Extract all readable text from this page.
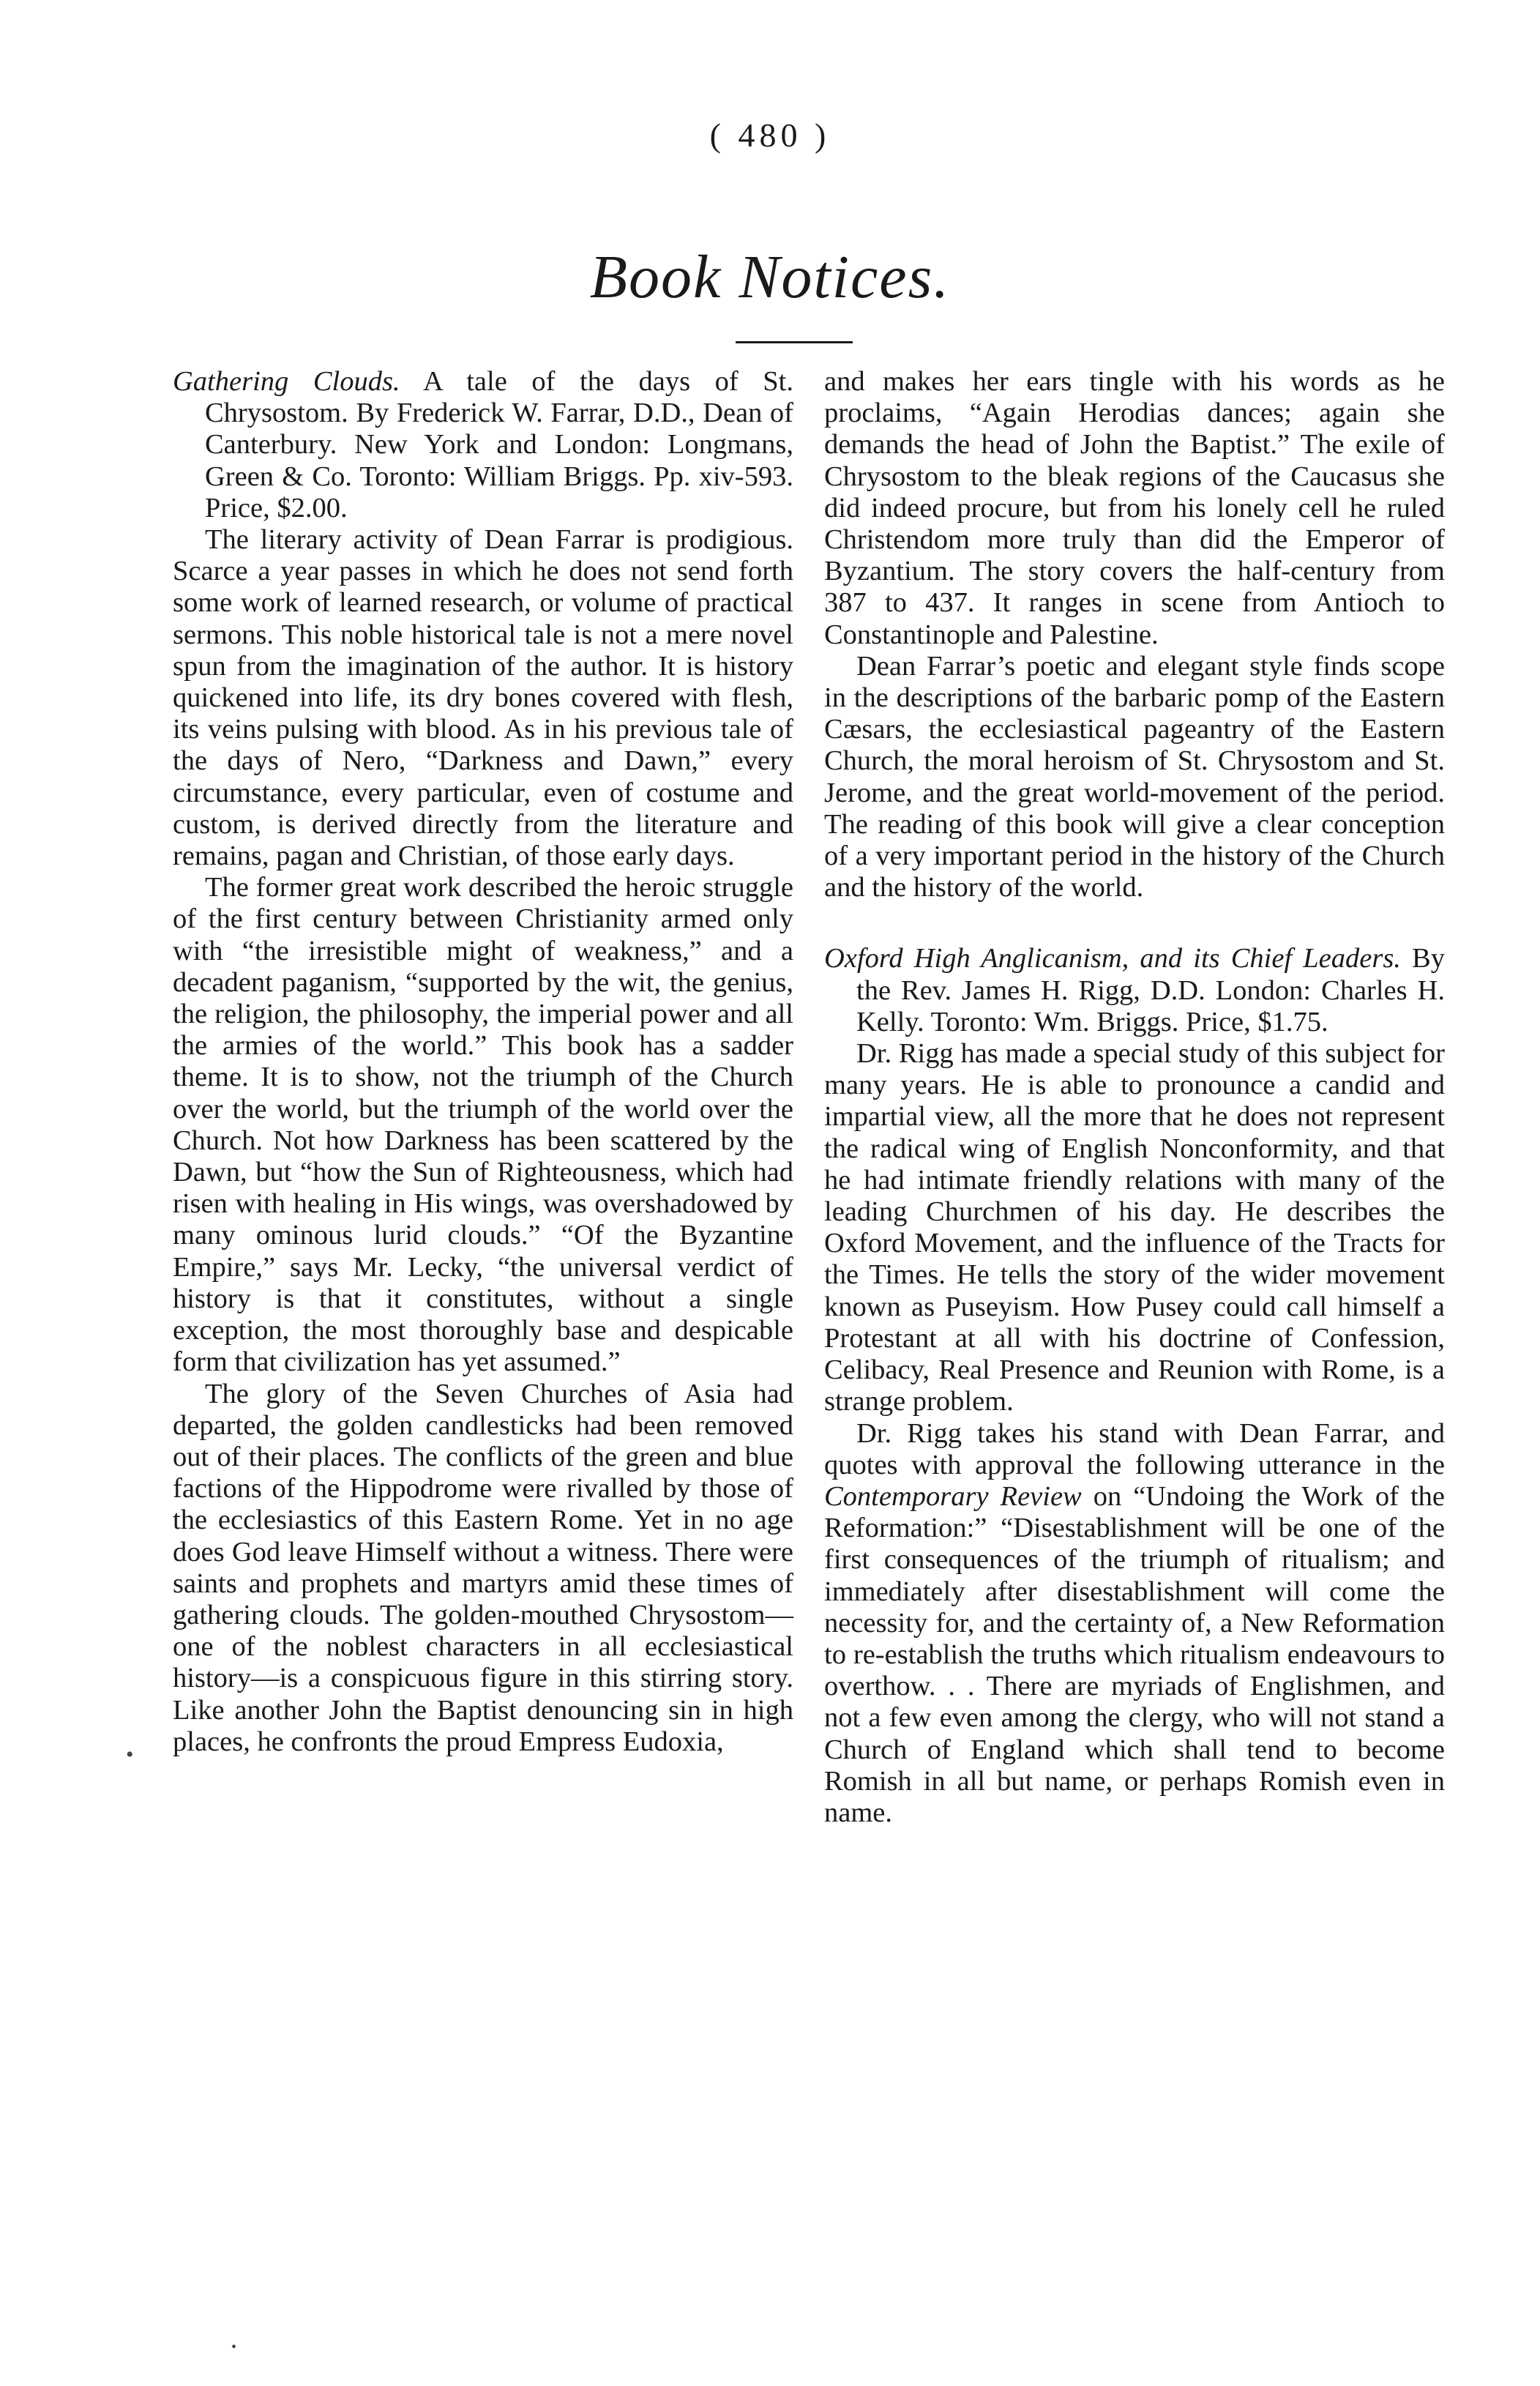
( 480 )
Book Notices.

Gathering Clouds. A tale of the days of St. Chrysostom. By Frederick W. Farrar, D.D., Dean of Canterbury. New York and London: Longmans, Green & Co. Toronto: William Briggs. Pp. xiv-593. Price, $2.00.

The literary activity of Dean Farrar is prodigious. Scarce a year passes in which he does not send forth some work of learned research, or volume of practical sermons. This noble historical tale is not a mere novel spun from the imagination of the author. It is history quickened into life, its dry bones covered with flesh, its veins pulsing with blood. As in his previous tale of the days of Nero, “Darkness and Dawn,” every circumstance, every particular, even of costume and custom, is derived directly from the literature and remains, pagan and Christian, of those early days.

The former great work described the heroic struggle of the first century between Christianity armed only with “the irresistible might of weakness,” and a decadent paganism, “supported by the wit, the genius, the religion, the philosophy, the imperial power and all the armies of the world.” This book has a sadder theme. It is to show, not the triumph of the Church over the world, but the triumph of the world over the Church. Not how Darkness has been scattered by the Dawn, but “how the Sun of Righteousness, which had risen with healing in His wings, was overshadowed by many ominous lurid clouds.” “Of the Byzantine Empire,” says Mr. Lecky, “the universal verdict of history is that it constitutes, without a single exception, the most thoroughly base and despicable form that civilization has yet assumed.”

The glory of the Seven Churches of Asia had departed, the golden candlesticks had been removed out of their places. The conflicts of the green and blue factions of the Hippodrome were rivalled by those of the ecclesiastics of this Eastern Rome. Yet in no age does God leave Himself without a witness. There were saints and prophets and martyrs amid these times of gathering clouds. The golden-mouthed Chrysostom—one of the noblest characters in all ecclesiastical history—is a conspicuous figure in this stirring story. Like another John the Baptist denouncing sin in high places, he confronts the proud Empress Eudoxia,

and makes her ears tingle with his words as he proclaims, “Again Herodias dances; again she demands the head of John the Baptist.” The exile of Chrysostom to the bleak regions of the Caucasus she did indeed procure, but from his lonely cell he ruled Christendom more truly than did the Emperor of Byzantium. The story covers the half-century from 387 to 437. It ranges in scene from Antioch to Constantinople and Palestine.

Dean Farrar’s poetic and elegant style finds scope in the descriptions of the barbaric pomp of the Eastern Cæsars, the ecclesiastical pageantry of the Eastern Church, the moral heroism of St. Chrysostom and St. Jerome, and the great world-movement of the period. The reading of this book will give a clear conception of a very important period in the history of the Church and the history of the world.

Oxford High Anglicanism, and its Chief Leaders. By the Rev. James H. Rigg, D.D. London: Charles H. Kelly. Toronto: Wm. Briggs. Price, $1.75.

Dr. Rigg has made a special study of this subject for many years. He is able to pronounce a candid and impartial view, all the more that he does not represent the radical wing of English Nonconformity, and that he had intimate friendly relations with many of the leading Churchmen of his day. He describes the Oxford Movement, and the influence of the Tracts for the Times. He tells the story of the wider movement known as Puseyism. How Pusey could call himself a Protestant at all with his doctrine of Confession, Celibacy, Real Presence and Reunion with Rome, is a strange problem.

Dr. Rigg takes his stand with Dean Farrar, and quotes with approval the following utterance in the Contemporary Review on “Undoing the Work of the Reformation:” “Disestablishment will be one of the first consequences of the triumph of ritualism; and immediately after disestablishment will come the necessity for, and the certainty of, a New Reformation to re-establish the truths which ritualism endeavours to overthow. . . There are myriads of Englishmen, and not a few even among the clergy, who will not stand a Church of England which shall tend to become Romish in all but name, or perhaps Romish even in name.

•
•
